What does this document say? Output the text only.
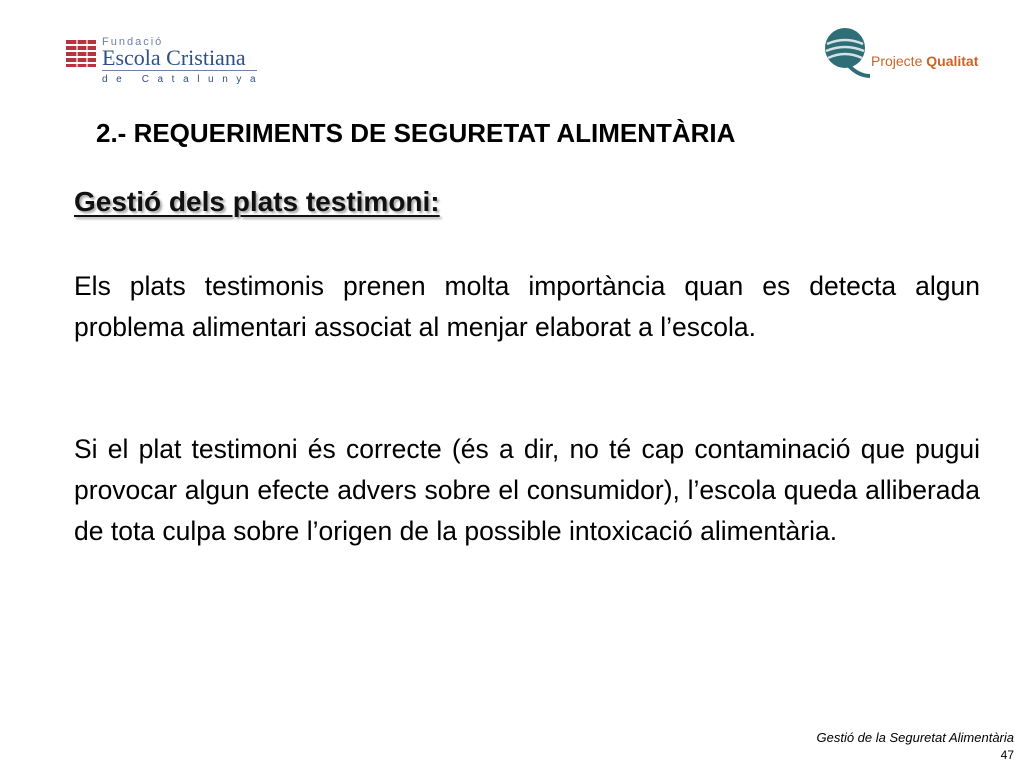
Fundació
Escola Cristiana
de Catalunya
Projecte Qualitat
2.- REQUERIMENTS DE SEGURETAT ALIMENTÀRIA

Gestió dels plats testimoni:

Els plats testimonis prenen molta importància quan es detecta algun problema alimentari associat al menjar elaborat a l’escola.

Si el plat testimoni és correcte (és a dir, no té cap contaminació que pugui provocar algun efecte advers sobre el consumidor), l’escola queda alliberada de tota culpa sobre l’origen de la possible intoxicació alimentària.

Gestió de la Seguretat Alimentària
47
